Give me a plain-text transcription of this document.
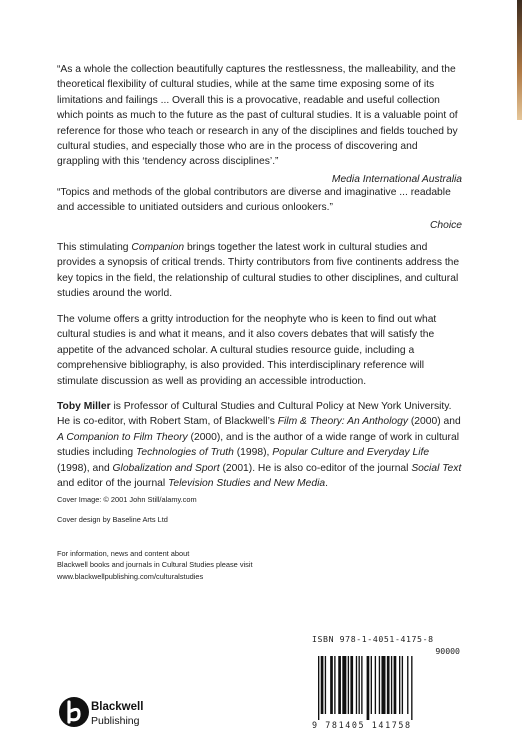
“As a whole the collection beautifully captures the restlessness, the malleability, and the theoretical flexibility of cultural studies, while at the same time exposing some of its limitations and failings ... Overall this is a provocative, readable and useful collection which points as much to the future as the past of cultural studies. It is a valuable point of reference for those who teach or research in any of the disciplines and fields touched by cultural studies, and especially those who are in the process of discovering and grappling with this ‘tendency across disciplines’.”
Media International Australia
“Topics and methods of the global contributors are diverse and imaginative ... readable and accessible to unitiated outsiders and curious onlookers.”
Choice

This stimulating Companion brings together the latest work in cultural studies and provides a synopsis of critical trends. Thirty contributors from five continents address the key topics in the field, the relationship of cultural studies to other disciplines, and cultural studies around the world.

The volume offers a gritty introduction for the neophyte who is keen to find out what cultural studies is and what it means, and it also covers debates that will satisfy the appetite of the advanced scholar. A cultural studies resource guide, including a comprehensive bibliography, is also provided. This interdisciplinary reference will stimulate discussion as well as providing an accessible introduction.

Toby Miller is Professor of Cultural Studies and Cultural Policy at New York University. He is co-editor, with Robert Stam, of Blackwell’s Film & Theory: An Anthology (2000) and A Companion to Film Theory (2000), and is the author of a wide range of work in cultural studies including Technologies of Truth (1998), Popular Culture and Everyday Life (1998), and Globalization and Sport (2001). He is also co-editor of the journal Social Text and editor of the journal Television Studies and New Media.

Cover Image: © 2001 John Still/alamy.com
Cover design by Baseline Arts Ltd
For information, news and content about
Blackwell books and journals in Cultural Studies please visit
www.blackwellpublishing.com/culturalstudies
ISBN 978-1-4051-4175-8
90000
9 781405 141758
Blackwell
Publishing
